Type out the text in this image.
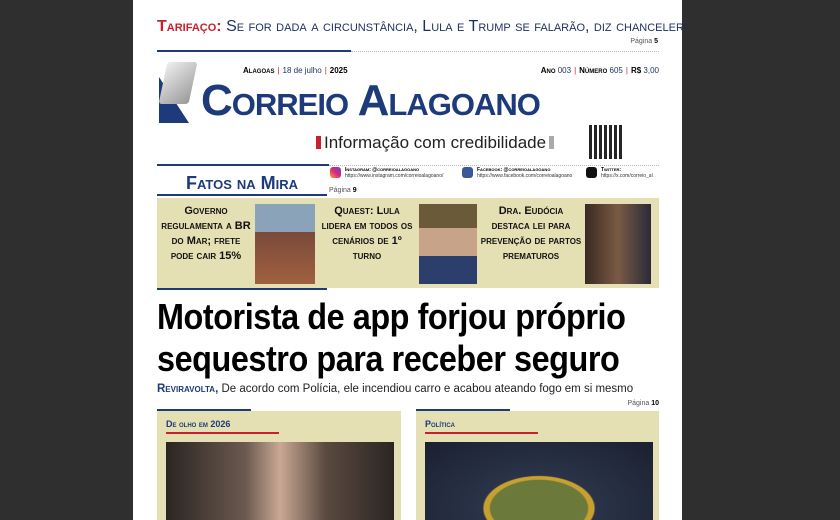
Tarifaço: Se for dada a circunstância, Lula e Trump se falarão, diz chanceler
Página 5
Alagoas | 18 de julho | 2025	Ano 003 | Número 605 | R$ 3,00
Correio Alagoano
Informação com credibilidade
Fatos na Mira	Página 9
Instagram: @correioalagoano
https://www.instagram.com/correioalagoano/
Facebook: @correioalagoano
https://www.facebook.com/correioalagoano
Twitter:
https://x.com/correio_al
Governo regulamenta a BR do Mar; frete pode cair 15%
Quaest: Lula lidera em todos os cenários de 1º turno
Dra. Eudócia destaca lei para prevenção de partos prematuros
Motorista de app forjou próprio sequestro para receber seguro
Reviravolta, De acordo com Polícia, ele incendiou carro e acabou ateando fogo em si mesmo
Página 10
De olho em 2026	Política
